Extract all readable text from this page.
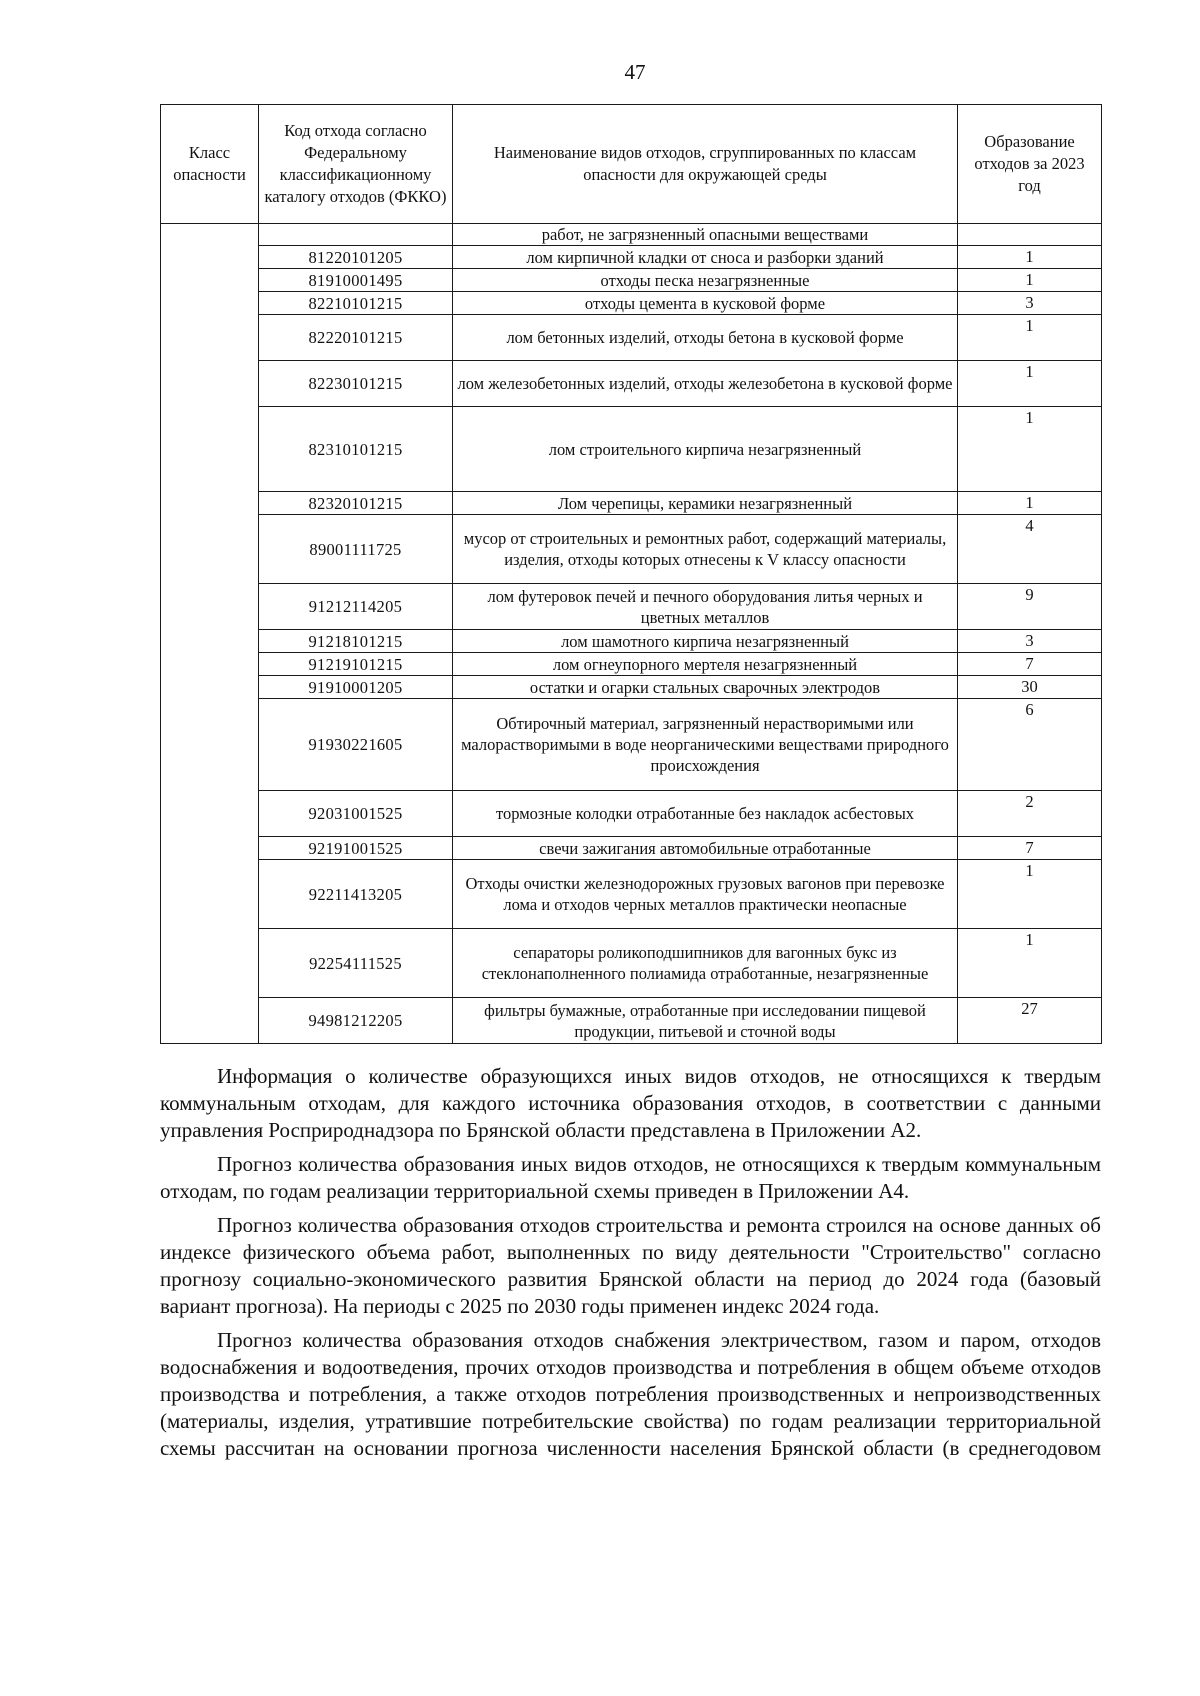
47
Класс опасности	Код отхода согласно Федеральному классификационному каталогу отходов (ФККО)	Наименование видов отходов, сгруппированных по классам опасности для окружающей среды	Образование отходов за 2023 год
		работ, не загрязненный опасными веществами	
	81220101205	лом кирпичной кладки от сноса и разборки зданий	1
	81910001495	отходы песка незагрязненные	1
	82210101215	отходы цемента в кусковой форме	3
	82220101215	лом бетонных изделий, отходы бетона в кусковой форме	1
	82230101215	лом железобетонных изделий, отходы железобетона в кусковой форме	1
	82310101215	лом строительного кирпича незагрязненный	1
	82320101215	Лом черепицы, керамики незагрязненный	1
	89001111725	мусор от строительных и ремонтных работ, содержащий материалы, изделия, отходы которых отнесены к V классу опасности	4
	91212114205	лом футеровок печей и печного оборудования литья черных и цветных металлов	9
	91218101215	лом шамотного кирпича незагрязненный	3
	91219101215	лом огнеупорного мертеля незагрязненный	7
	91910001205	остатки и огарки стальных сварочных электродов	30
	91930221605	Обтирочный материал, загрязненный нерастворимыми или малорастворимыми в воде неорганическими веществами природного происхождения	6
	92031001525	тормозные колодки отработанные без накладок асбестовых	2
	92191001525	свечи зажигания автомобильные отработанные	7
	92211413205	Отходы очистки железнодорожных грузовых вагонов при перевозке лома и отходов черных металлов практически неопасные	1
	92254111525	сепараторы роликоподшипников для вагонных букс из стеклонаполненного полиамида отработанные, незагрязненные	1
	94981212205	фильтры бумажные, отработанные при исследовании пищевой продукции, питьевой и сточной воды	27

Информация о количестве образующихся иных видов отходов, не относящихся к твердым коммунальным отходам, для каждого источника образования отходов, в соответствии с данными управления Росприроднадзора по Брянской области представлена в Приложении А2.

Прогноз количества образования иных видов отходов, не относящихся к твердым коммунальным отходам, по годам реализации территориальной схемы приведен в Приложении А4.

Прогноз количества образования отходов строительства и ремонта строился на основе данных об индексе физического объема работ, выполненных по виду деятельности "Строительство" согласно прогнозу социально-экономического развития Брянской области на период до 2024 года (базовый вариант прогноза). На периоды с 2025 по 2030 годы применен индекс 2024 года.

Прогноз количества образования отходов снабжения электричеством, газом и паром, отходов водоснабжения и водоотведения, прочих отходов производства и потребления в общем объеме отходов производства и потребления, а также отходов потребления производственных и непроизводственных (материалы, изделия, утратившие потребительские свойства) по годам реализации территориальной схемы рассчитан на основании прогноза численности населения Брянской области (в среднегодовом
